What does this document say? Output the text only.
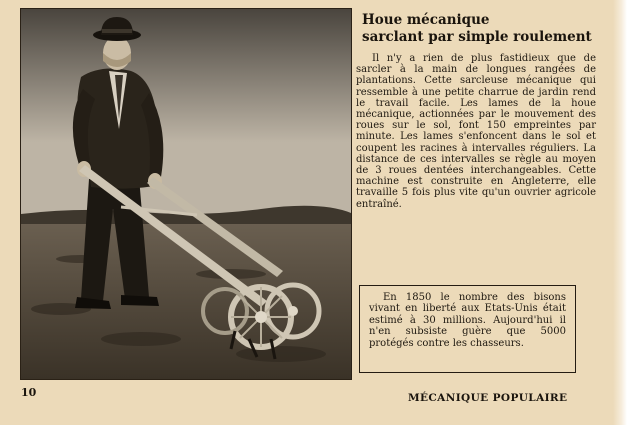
Houe mécanique
sarclant par simple roulement

Il n'y a rien de plus fastidieux que de sarcler à la main de longues rangées de plantations. Cette sarcleuse mécanique qui ressemble à une petite charrue de jardin rend le travail facile. Les lames de la houe mécanique, actionnées par le mouvement des roues sur le sol, font 150 empreintes par minute. Les lames s'enfoncent dans le sol et coupent les racines à intervalles réguliers. La distance de ces intervalles se règle au moyen de 3 roues dentées interchangeables. Cette machine est construite en Angleterre, elle travaille 5 fois plus vite qu'un ouvrier agricole entraîné.

En 1850 le nombre des bisons vivant en liberté aux Etats-Unis était estimé à 30 millions. Aujourd'hui il n'en subsiste guère que 5000 protégés contre les chasseurs.

10	MÉCANIQUE POPULAIRE
